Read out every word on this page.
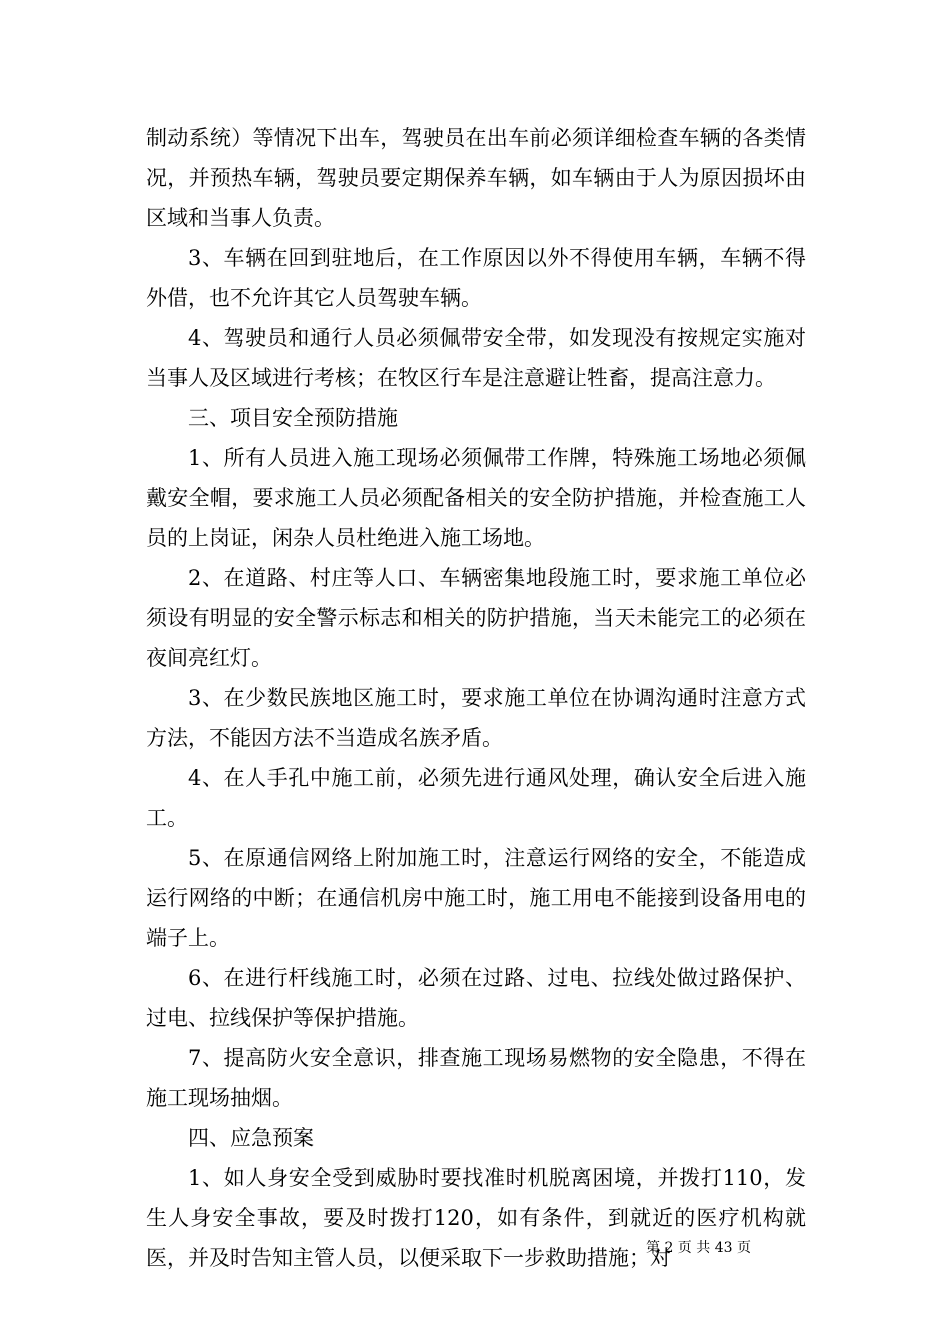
制动系统）等情况下出车，驾驶员在出车前必须详细检查车辆的各类情况，并预热车辆，驾驶员要定期保养车辆，如车辆由于人为原因损坏由区域和当事人负责。

3、车辆在回到驻地后，在工作原因以外不得使用车辆，车辆不得外借，也不允许其它人员驾驶车辆。

4、驾驶员和通行人员必须佩带安全带，如发现没有按规定实施对当事人及区域进行考核；在牧区行车是注意避让牲畜，提高注意力。

三、项目安全预防措施

1、所有人员进入施工现场必须佩带工作牌，特殊施工场地必须佩戴安全帽，要求施工人员必须配备相关的安全防护措施，并检查施工人员的上岗证，闲杂人员杜绝进入施工场地。

2、在道路、村庄等人口、车辆密集地段施工时，要求施工单位必须设有明显的安全警示标志和相关的防护措施，当天未能完工的必须在夜间亮红灯。

3、在少数民族地区施工时，要求施工单位在协调沟通时注意方式方法，不能因方法不当造成名族矛盾。

4、在人手孔中施工前，必须先进行通风处理，确认安全后进入施工。

5、在原通信网络上附加施工时，注意运行网络的安全，不能造成运行网络的中断；在通信机房中施工时，施工用电不能接到设备用电的端子上。

6、在进行杆线施工时，必须在过路、过电、拉线处做过路保护、过电、拉线保护等保护措施。

7、提高防火安全意识，排查施工现场易燃物的安全隐患，不得在施工现场抽烟。

四、应急预案

1、如人身安全受到威胁时要找准时机脱离困境，并拨打110，发生人身安全事故，要及时拨打120，如有条件，到就近的医疗机构就医，并及时告知主管人员，以便采取下一步救助措施；对

第 2 页 共 43 页
